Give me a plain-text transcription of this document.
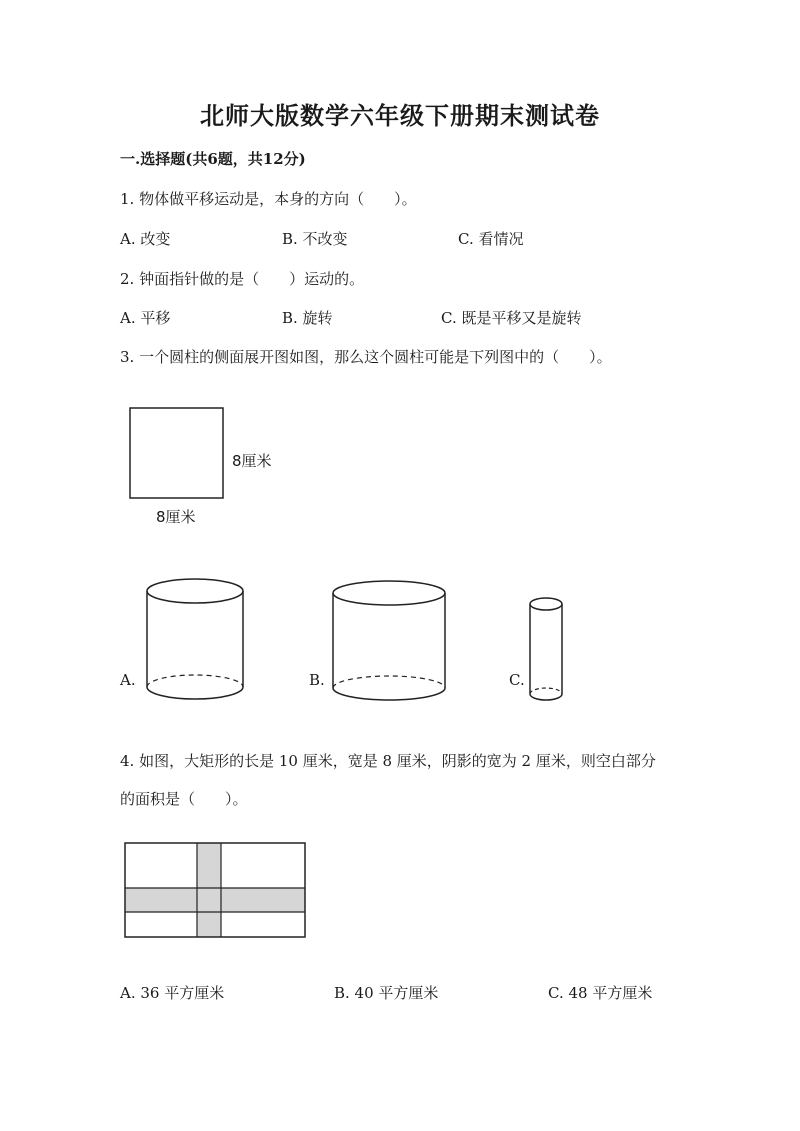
北师大版数学六年级下册期末测试卷
一.选择题(共6题，共12分)
1. 物体做平移运动是，本身的方向（　　）。
A. 改变	B. 不改变	C. 看情况
2. 钟面指针做的是（　　）运动的。
A. 平移	B. 旋转	C. 既是平移又是旋转
3. 一个圆柱的侧面展开图如图，那么这个圆柱可能是下列图中的（　　）。
8厘米
8厘米
A.	B.	C.
4. 如图，大矩形的长是 10 厘米，宽是 8 厘米，阴影的宽为 2 厘米，则空白部分
的面积是（　　）。
A. 36 平方厘米	B. 40 平方厘米	C. 48 平方厘米
